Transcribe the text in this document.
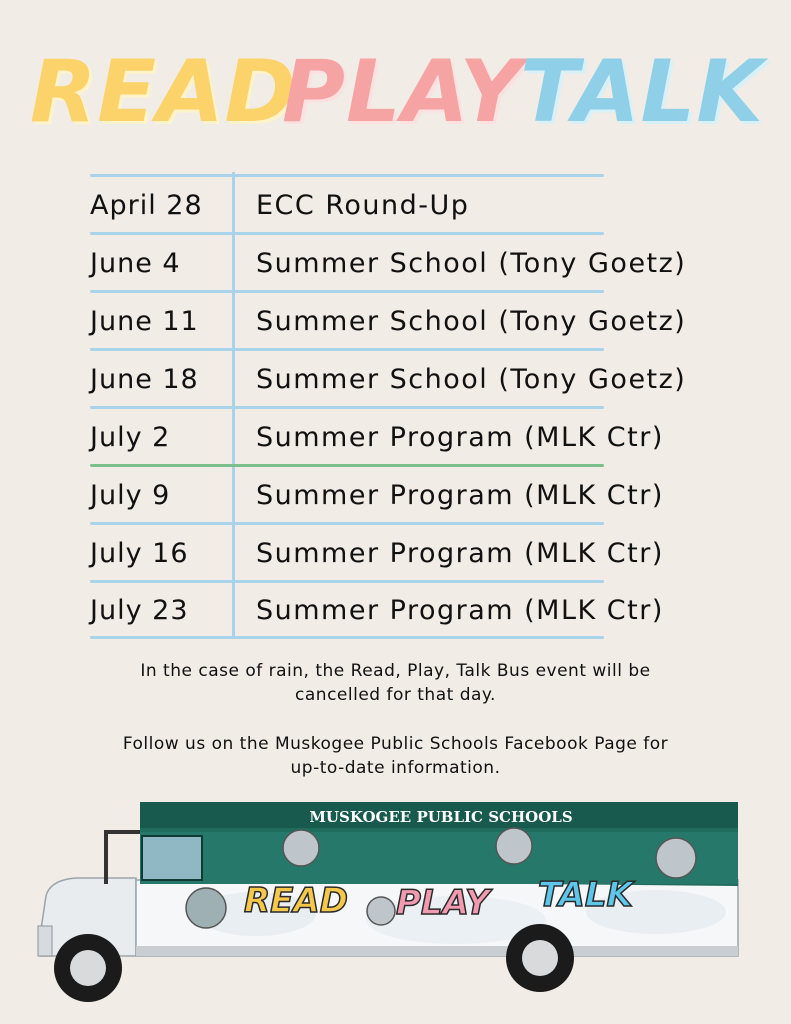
READ
PLAY
TALK
April 28 ECC Round-Up
June 4	Summer School (Tony Goetz)
June 11 Summer School (Tony Goetz)
June 18 Summer School (Tony Goetz)
July 2	Summer Program (MLK Ctr)
July 9	Summer Program (MLK Ctr)
July 16	Summer Program (MLK Ctr)
July 23	Summer Program (MLK Ctr)
In the case of rain, the Read, Play, Talk Bus event will be
cancelled for that day.
Follow us on the Muskogee Public Schools Facebook Page for
up-to-date information.
MUSKOGEE PUBLIC SCHOOLS
READ PLAY TALK
